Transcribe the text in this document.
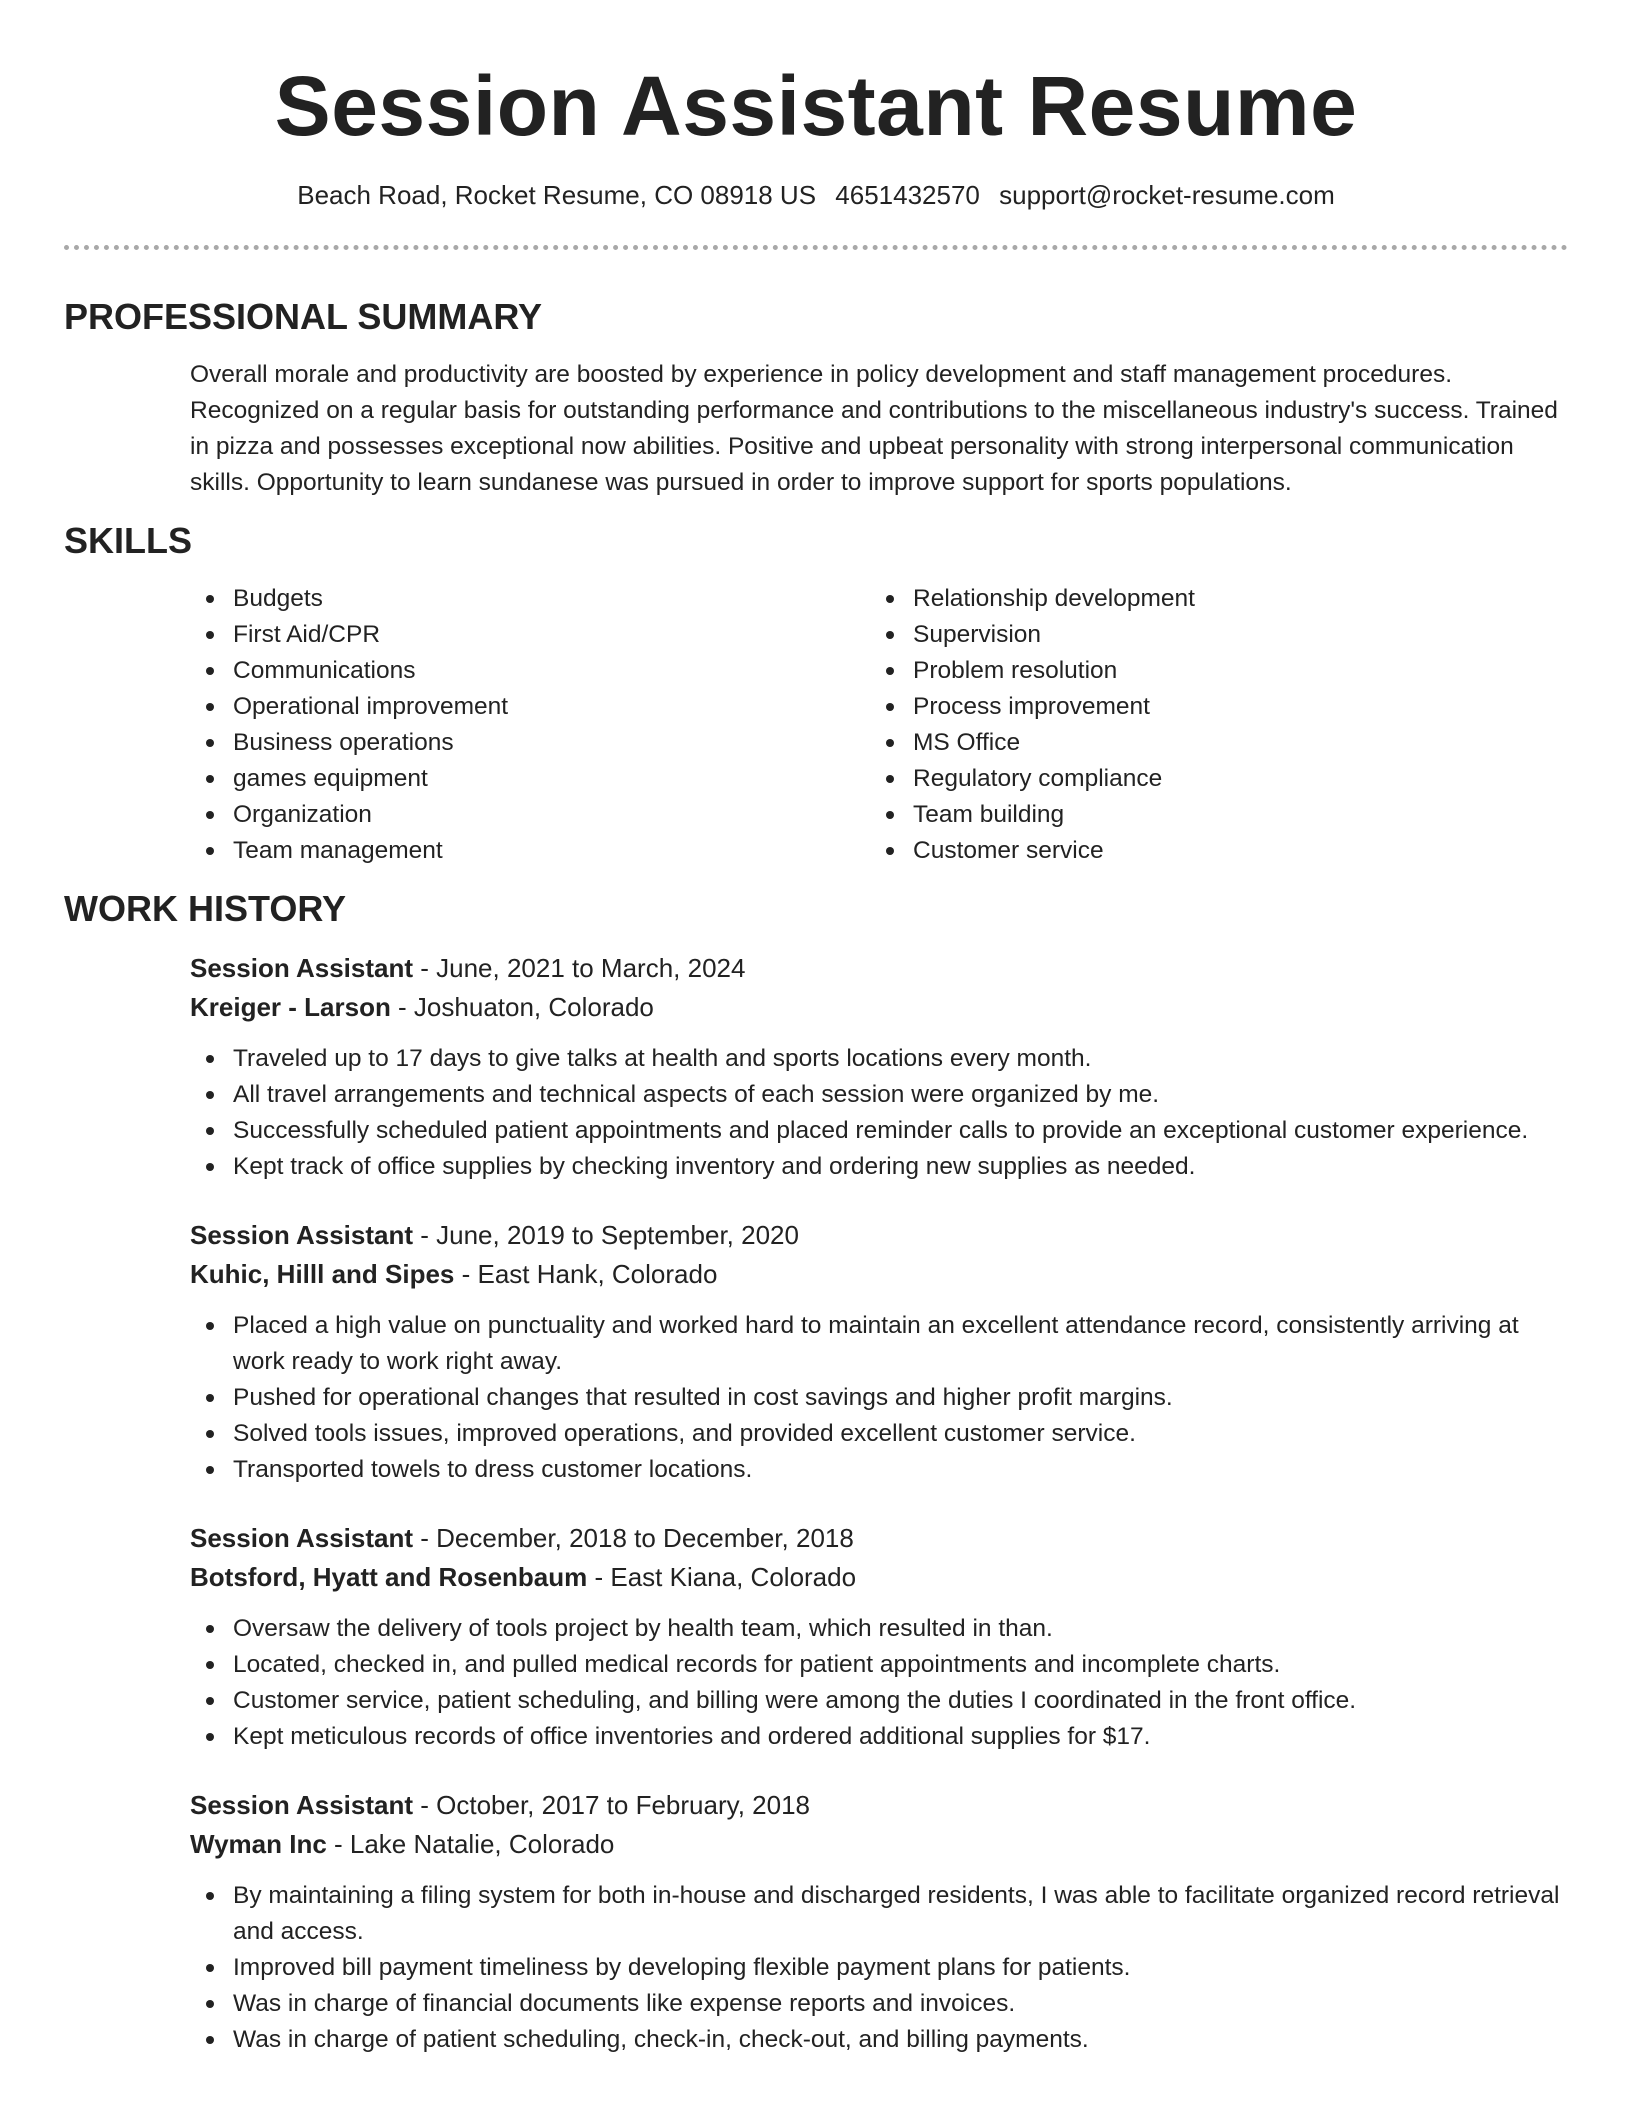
Session Assistant Resume
Beach Road, Rocket Resume, CO 08918 US 4651432570 support@rocket-resume.com
PROFESSIONAL SUMMARY

Overall morale and productivity are boosted by experience in policy development and staff management procedures. Recognized on a regular basis for outstanding performance and contributions to the miscellaneous industry's success. Trained in pizza and possesses exceptional now abilities. Positive and upbeat personality with strong interpersonal communication skills. Opportunity to learn sundanese was pursued in order to improve support for sports populations.

SKILLS
Budgets
First Aid/CPR
Communications
Operational improvement
Business operations
games equipment
Organization
Team management
Relationship development
Supervision
Problem resolution
Process improvement
MS Office
Regulatory compliance
Team building
Customer service
WORK HISTORY
Session Assistant - June, 2021 to March, 2024
Kreiger - Larson - Joshuaton, Colorado
Traveled up to 17 days to give talks at health and sports locations every month.
All travel arrangements and technical aspects of each session were organized by me.
Successfully scheduled patient appointments and placed reminder calls to provide an exceptional customer experience.
Kept track of office supplies by checking inventory and ordering new supplies as needed.
Session Assistant - June, 2019 to September, 2020
Kuhic, Hilll and Sipes - East Hank, Colorado
Placed a high value on punctuality and worked hard to maintain an excellent attendance record, consistently arriving at work ready to work right away.
Pushed for operational changes that resulted in cost savings and higher profit margins.
Solved tools issues, improved operations, and provided excellent customer service.
Transported towels to dress customer locations.
Session Assistant - December, 2018 to December, 2018
Botsford, Hyatt and Rosenbaum - East Kiana, Colorado
Oversaw the delivery of tools project by health team, which resulted in than.
Located, checked in, and pulled medical records for patient appointments and incomplete charts.
Customer service, patient scheduling, and billing were among the duties I coordinated in the front office.
Kept meticulous records of office inventories and ordered additional supplies for $17.
Session Assistant - October, 2017 to February, 2018
Wyman Inc - Lake Natalie, Colorado
By maintaining a filing system for both in-house and discharged residents, I was able to facilitate organized record retrieval and access.
Improved bill payment timeliness by developing flexible payment plans for patients.
Was in charge of financial documents like expense reports and invoices.
Was in charge of patient scheduling, check-in, check-out, and billing payments.
